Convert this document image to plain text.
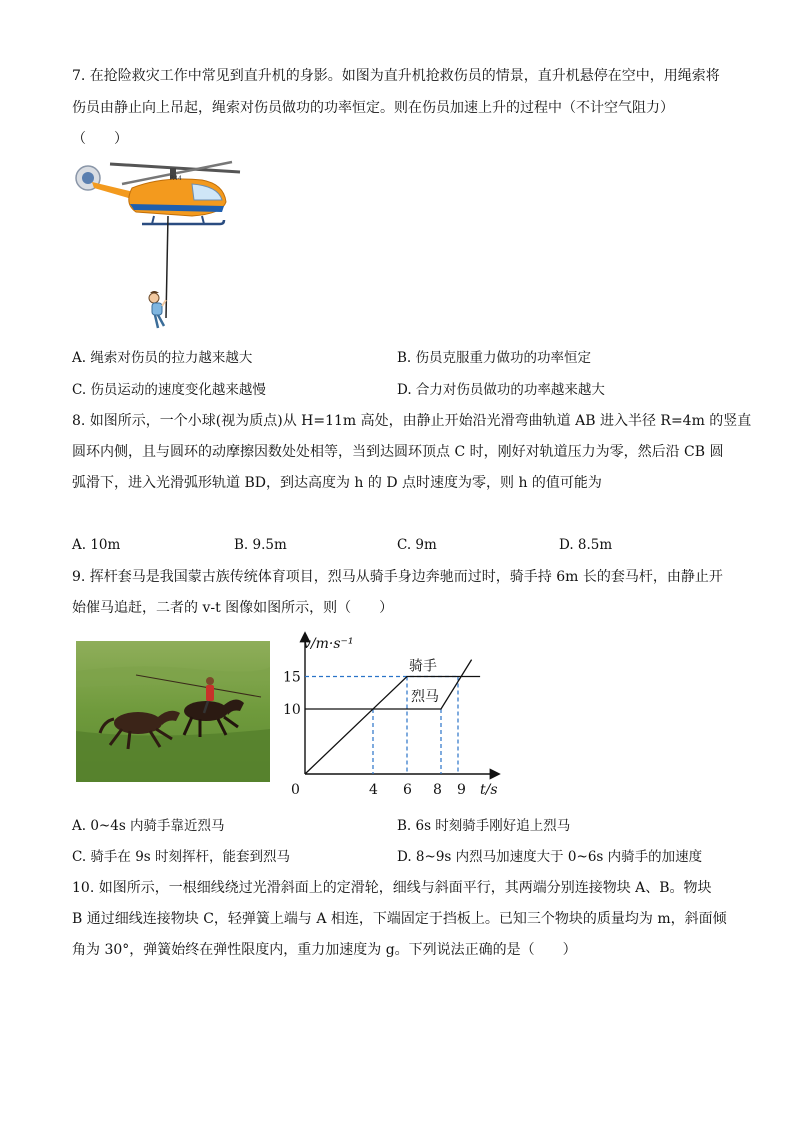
7. 在抢险救灾工作中常见到直升机的身影。如图为直升机抢救伤员的情景，直升机悬停在空中，用绳索将
伤员由静止向上吊起，绳索对伤员做功的功率恒定。则在伤员加速上升的过程中（不计空气阻力）
（　　）
R44
A. 绳索对伤员的拉力越来越大	B. 伤员克服重力做功的功率恒定
C. 伤员运动的速度变化越来越慢	D. 合力对伤员做功的功率越来越大
8. 如图所示，一个小球(视为质点)从 H=11m 高处，由静止开始沿光滑弯曲轨道 AB 进入半径 R=4m 的竖直
圆环内侧，且与圆环的动摩擦因数处处相等，当到达圆环顶点 C 时，刚好对轨道压力为零，然后沿 CB 圆
弧滑下，进入光滑弧形轨道 BD，到达高度为 h 的 D 点时速度为零，则 h 的值可能为
A. 10m	B. 9.5m	C. 9m	D. 8.5m
9. 挥杆套马是我国蒙古族传统体育项目，烈马从骑手身边奔驰而过时，骑手持 6m 长的套马杆，由静止开
始催马追赶，二者的 v-t 图像如图所示，则（　　）
v/m·s⁻¹
t/s
0
15
10
4 6 8 9
骑手
烈马
A. 0~4s 内骑手靠近烈马	B. 6s 时刻骑手刚好追上烈马
C. 骑手在 9s 时刻挥杆，能套到烈马	D. 8~9s 内烈马加速度大于 0~6s 内骑手的加速度
10. 如图所示，一根细线绕过光滑斜面上的定滑轮，细线与斜面平行，其两端分别连接物块 A、B。物块
B 通过细线连接物块 C，轻弹簧上端与 A 相连，下端固定于挡板上。已知三个物块的质量均为 m，斜面倾
角为 30°，弹簧始终在弹性限度内，重力加速度为 g。下列说法正确的是（　　）
